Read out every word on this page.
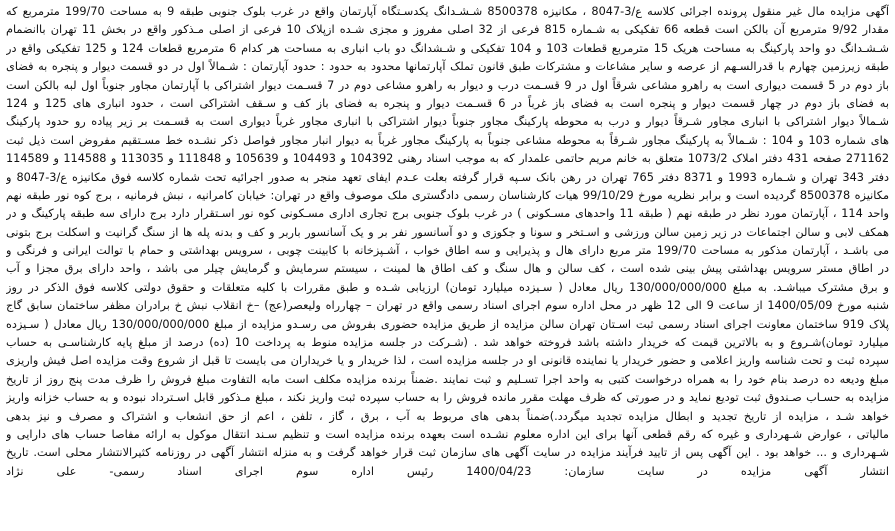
آگهی مزایده مال غیر منقول پرونده اجرائی کلاسه ع/3-8047 ، مکانیزه 8500378 شـشـدانگ یکدسـتگاه آپارتمان واقع در غرب بلوک جنوبی طبقه 9 به مساحت 199/70 مترمربع که
مقدار 9/92 مترمربع آن بالکن است قطعه 66 تفکیکی به شـماره 815 فرعی از 32 اصلی مفروز و مجزی شـده ازپلاک 10 فرعی از اصلی مـذکور واقع در بخش 11 تهران باانضمام
شـشـدانگ دو واحد پارکینگ به مساحت هریک 15 مترمربع قطعات 103 و 104 تفکیکی و شـشدانگ دو باب انباری به مساحت هر کدام 6 مترمربع قطعات 124 و 125 تفکیکی واقع در
طبقه زیرزمین چهارم با قدرالسـهم از عرصه و سایر مشاعات و مشترکات طبق قانون تملک آپارتمانها محدود به حدود : حدود آپارتمان : شـمالاً اول در دو قسمت دیوار و پنجره به فضای
باز دوم در 5 قسمت دیواری است به راهرو مشاعی شرقاً اول در 9 قسـمت درب و دیوار به راهرو مشاعی دوم در 7 قسـمت دیوار اشتراکی با آپارتمان مجاور جنوباً اول لبه بالکن است
به فضای باز دوم در چهار قسمت دیوار و پنجره است به فضای باز غرباً در 6 قسـمت دیوار و پنجره به فضای باز کف و سـقف اشتراکی است ، حدود انباری های 125 و 124
شـمالاً دیوار اشتراکی با انباری مجاور شـرقاً دیوار و درب به محوطه پارکینگ مجاور جنوباً دیوار اشتراکی با انباری مجاور غرباً دیواری است به قسـمت بر زیر پیاده رو حدود پارکینگ
های شماره 103 و 104 : شـمالاً به پارکینگ مجاور شـرقاً به محوطه مشاعی جنوباً به پارکینگ مجاور غرباً به دیوار انبار مجاور فواصل ذکر نشـده خط مسـتقیم مفروض است ذیل ثبت
271162 صفحه 431 دفتر املاک 1073/2 متعلق به خانم مریم حاتمی علمدار که به موجب اسناد رهنی 104392 و 104493 و 105639 و 111848 و 113035 و 114588 و 114589
دفتر 343 تهران و شـماره 1993 و 8371 دفتر 765 تهران در رهن بانک سـپه قرار گرفته بعلت عـدم ایفای تعهد منجر به صدور اجرائیه تحت شماره کلاسه فوق مکانیزه ع/3-8047 و
مکانیزه 8500378 گردیده است و برابر نظریه مورخ 99/10/29 هیات کارشناسان رسمی دادگستری ملک موصوف واقع در تهران: خیابان کامرانیه ، نبش فرمانیه ، برج کوه نور طبقه نهم
واحد 114 ، آپارتمان مورد نظر در طبقه نهم ( طبقه 11 واحدهای مسـکونی ) در غرب بلوک جنوبی برج تجاری اداری مسـکونی کوه نور اسـتقرار دارد برج دارای سه طبقه پارکینگ و در
همکف لابی و سالن اجتماعات در زیر زمین سالن ورزشی و اسـتخر و سونا و جکوزی و دو آسانسور نفر بر و یک آسانسور باربر و کف و بدنه پله ها از سنگ گرانیت و اسکلت برج بتونی
می باشـد ، آپارتمان مذکور به مساحت 199/70 متر مربع دارای هال و پذیرایی و سه اطاق خواب ، آشـپزخانه با کابینت چوبی ، سرویس بهداشتی و حمام با توالت ایرانی و فرنگی و
در اطاق مستر سرویس بهداشتی پیش بینی شده است ، کف سالن و هال سنگ و کف اطاق ها لمینت ، سیستم سرمایش و گرمایش چیلر می باشد ، واحد دارای برق مجزا و آب
و برق مشترک میباشـد. به مبلغ 130/000/000/000 ریال معادل ( سـیزده میلیارد تومان) ارزیابی شـده و طبق مقررات با کلیه متعلقات و حقوق دولتی کلاسه فوق الذکر در روز
شنبه مورخ 1400/05/09 از ساعت 9 الی 12 ظهر در محل اداره سوم اجرای اسناد رسمی واقع در تهران – چهارراه ولیعصر(عج) –خ انقلاب نبش خ برادران مظفر ساختمان سابق گاج
پلاک 919 ساختمان معاونت اجرای اسناد رسمی ثبت اسـتان تهران سالن مزایده از طریق مزایده حضوری بفروش می رسـدو مزایده از مبلغ 130/000/000/000 ریال معادل ( سـیزده
میلیارد تومان)شـروع و به بالاترین قیمت که خریدار داشته باشد فروخته خواهد شد . (شـرکت در جلسه مزایده منوط به پرداخت 10 (ده) درصد از مبلغ پایه کارشناسـی به حساب
سپرده ثبت و تحت شناسه واریز اعلامی و حضور خریدار یا نماینده قانونی او در جلسه مزایده است ، لذا خریدار و یا خریداران می بایست تا قبل از شروع وقت مزایده اصل فیش واریزی
مبلغ ودیعه ده درصد بنام خود را به همراه درخواست کتبی به واحد اجرا تسـلیم و ثبت نمایند .ضمناً برنده مزایده مکلف است مابه التفاوت مبلغ فروش را ظرف مدت پنج روز از تاریخ
مزایده به حسـاب صـندوق ثبت تودیع نماید و در صورتی که ظرف مهلت مقرر مانده فروش را به حساب سپرده ثبت واریز نکند ، مبلغ مـذکور قابل اسـترداد نبوده و به حساب خزانه واریز
خواهد شـد ، مزایده از تاریخ تجدید و ابطال مزایده تجدید میگردد.)ضمناً بدهی های مربوط به آب ، برق ، گاز ، تلفن ، اعم از حق انشعاب و اشتراک و مصرف و نیز بدهی
مالیاتی ، عوارض شـهرداری و غیره که رقم قطعی آنها برای این اداره معلوم نشـده است بعهده برنده مزایده است و تنظیم سـند انتقال موکول به ارائه مفاصا حساب های دارایی و
شـهرداری و ... خواهد بود . این آگهی پس از تایید فرآیند مزایده در سایت آگهی های سازمان ثبت قرار خواهد گرفت و به منزله انتشار آگهی در روزنامه کثیرالانتشار محلی است. تاریخ
انتشار آگهی مزایده در سایت سازمان: 1400/04/23 رئیس اداره سوم اجرای اسناد رسمی- علی نژاد
